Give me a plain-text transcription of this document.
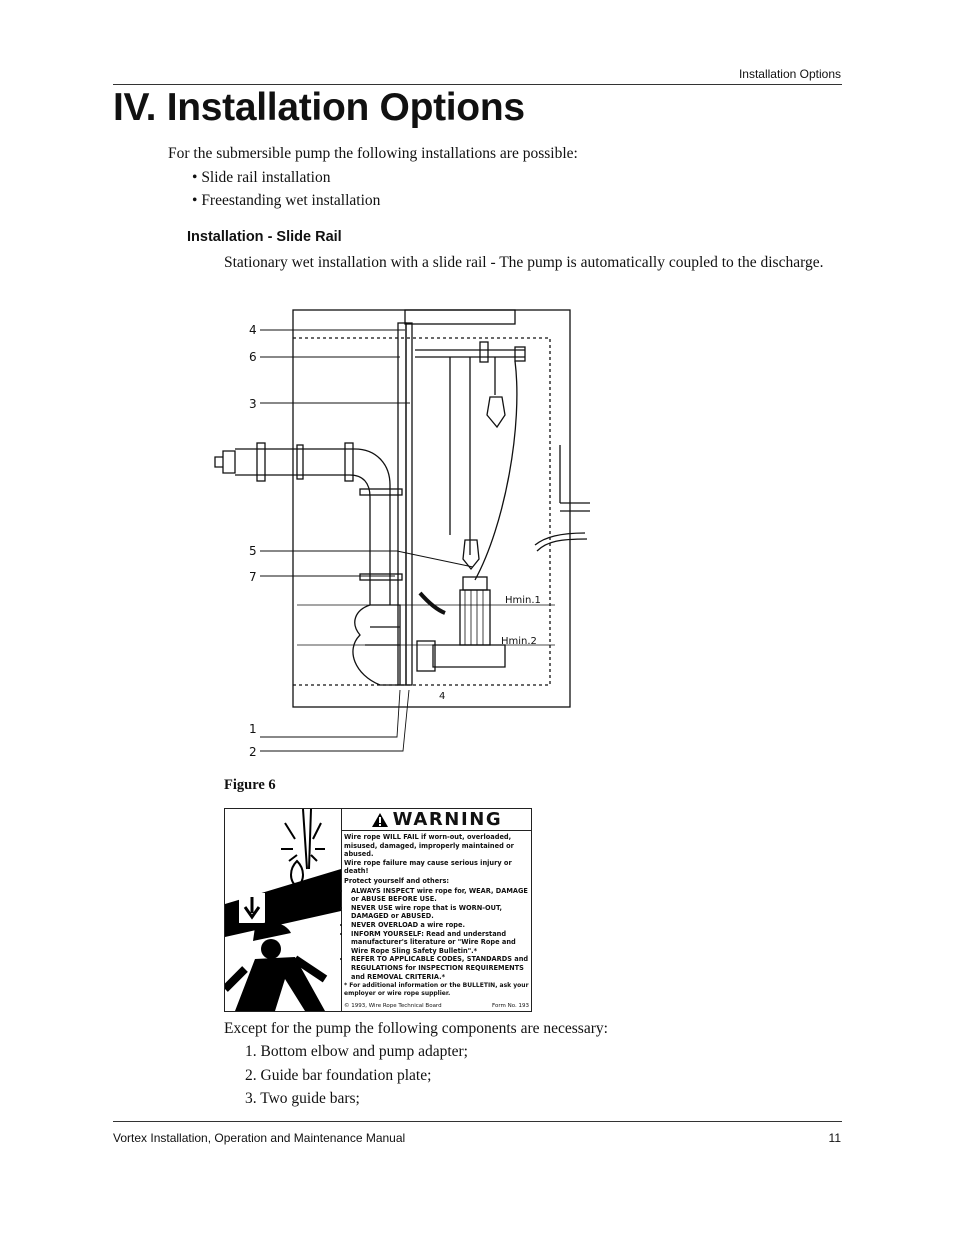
Installation Options
IV. Installation Options
For the submersible pump the following installations are possible:
• Slide rail installation
• Freestanding wet installation
Installation - Slide Rail
Stationary wet installation with a slide rail - The pump is automatically coupled to the discharge.
4
6
3
5
7
1
2
Hmin.1
Hmin.2
4
Figure 6
WARNING

Wire rope WILL FAIL if worn-out, overloaded, misused, damaged, improperly maintained or abused.

Wire rope failure may cause serious injury or death!

Protect yourself and others:

• ALWAYS INSPECT wire rope for, WEAR, DAMAGE or ABUSE BEFORE USE.
• NEVER USE wire rope that is WORN-OUT, DAMAGED or ABUSED.
• NEVER OVERLOAD a wire rope.
• INFORM YOURSELF: Read and understand manufacturer's literature or "Wire Rope and Wire Rope Sling Safety Bulletin".*
• REFER TO APPLICABLE CODES, STANDARDS and REGULATIONS for INSPECTION REQUIREMENTS and REMOVAL CRITERIA.*

* For additional information or the BULLETIN, ask your employer or wire rope supplier.

© 1993, Wire Rope Technical Board	Form No. 193
Except for the pump the following components are necessary:
1. Bottom elbow and pump adapter;
2. Guide bar foundation plate;
3. Two guide bars;
Vortex Installation, Operation and Maintenance Manual	11
